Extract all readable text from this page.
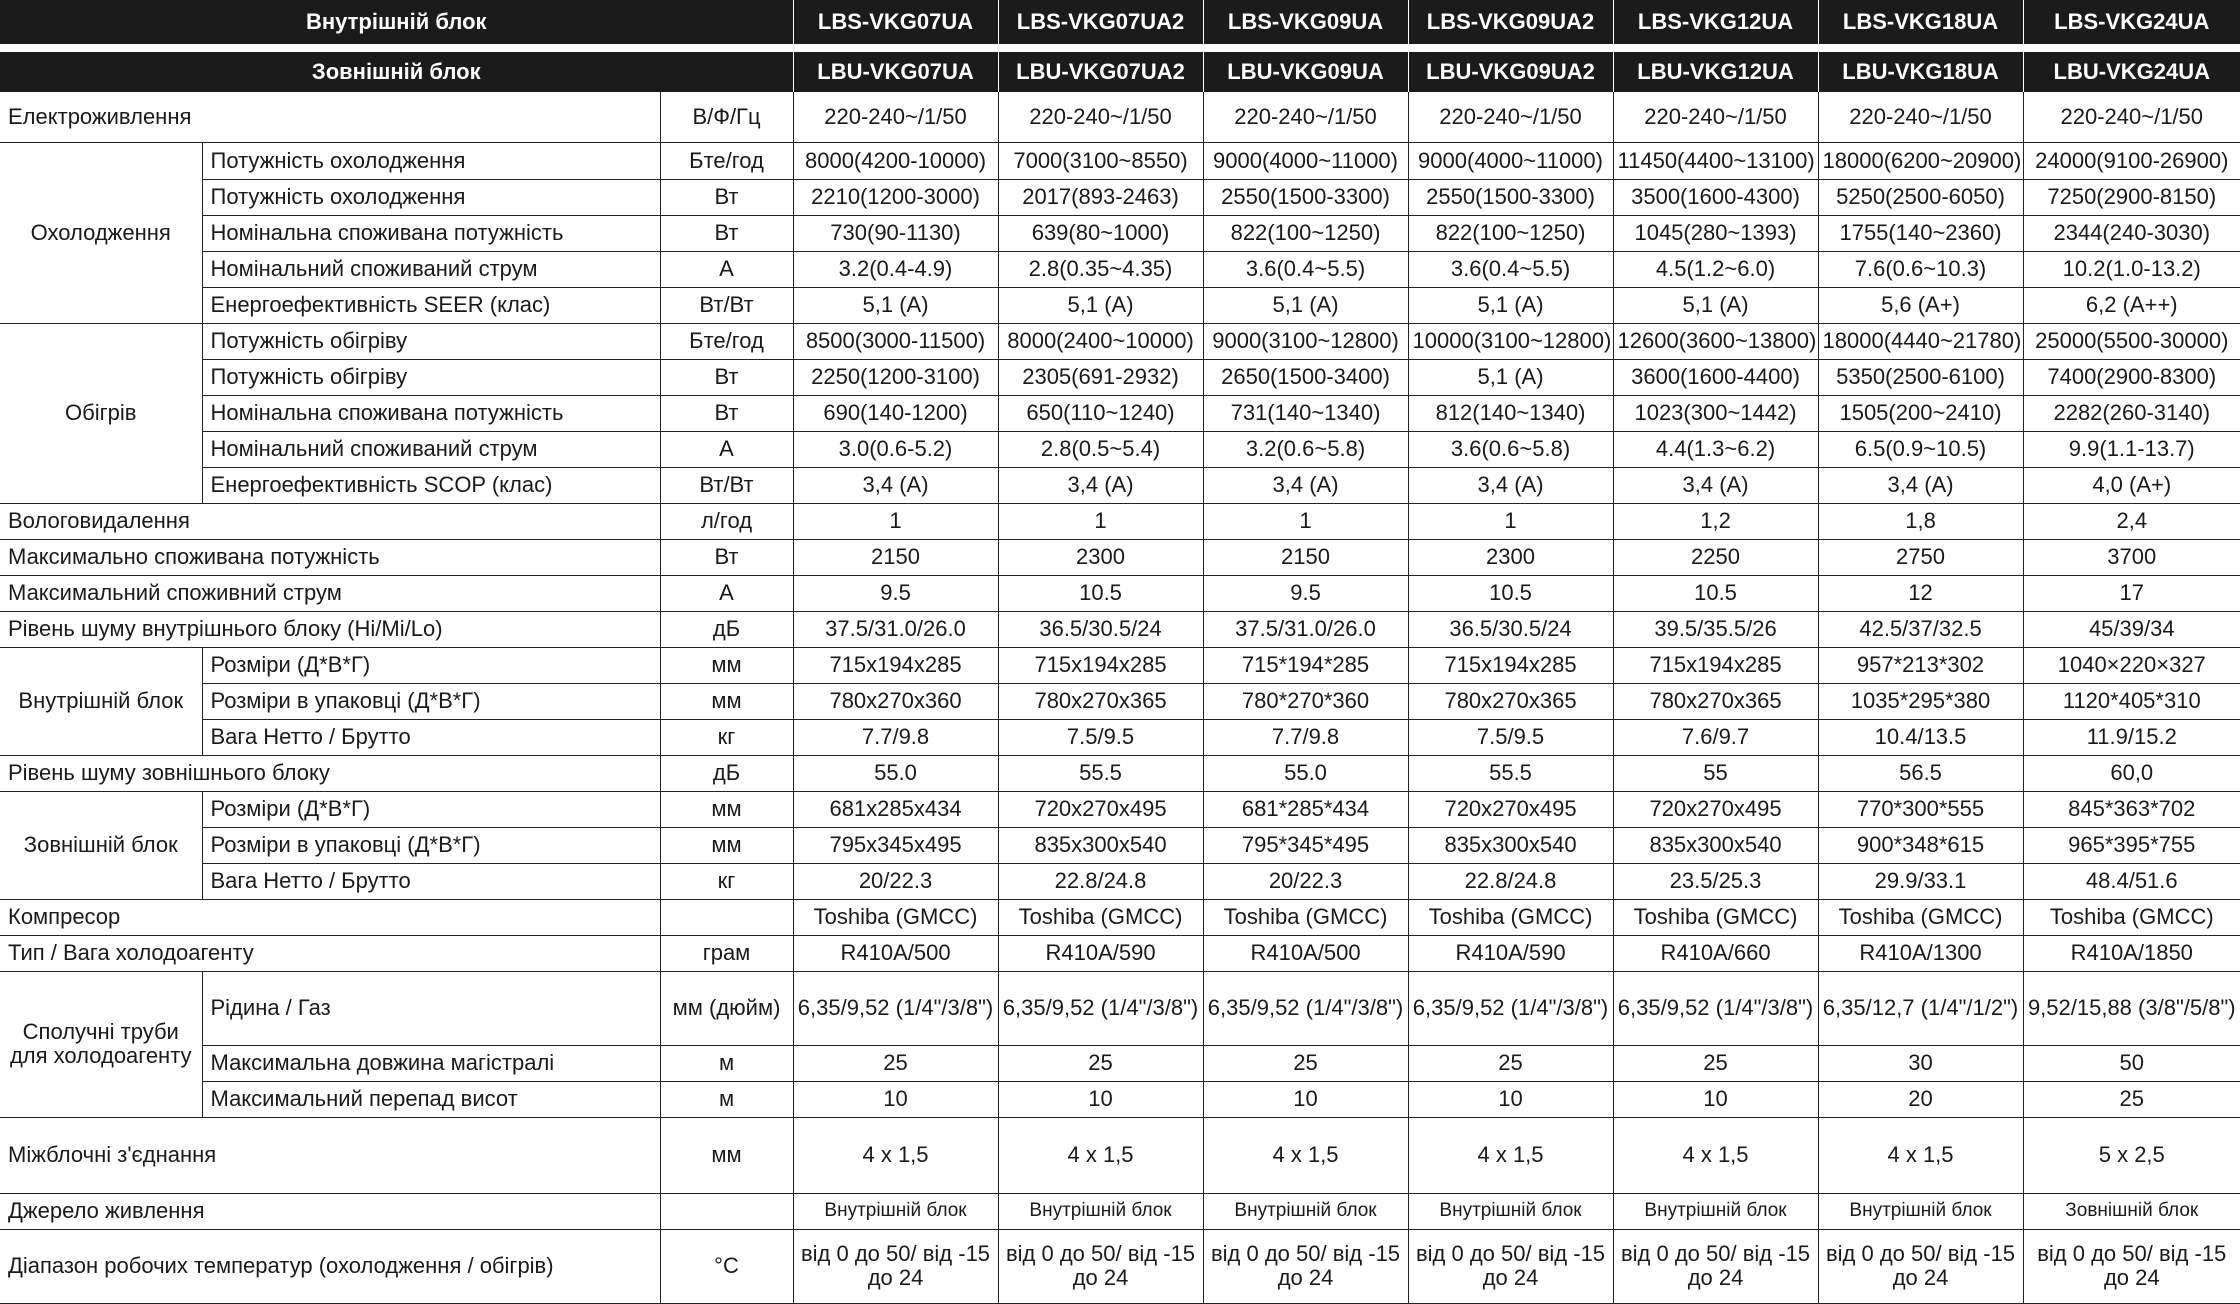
Внутрішній блок			LBS-VKG07UA	LBS-VKG07UA2	LBS-VKG09UA	LBS-VKG09UA2	LBS-VKG12UA	LBS-VKG18UA	LBS-VKG24UA

Зовнішній блок			LBU-VKG07UA	LBU-VKG07UA2	LBU-VKG09UA	LBU-VKG09UA2	LBU-VKG12UA	LBU-VKG18UA	LBU-VKG24UA
Електроживлення		В/Ф/Гц	220-240~/1/50	220-240~/1/50	220-240~/1/50	220-240~/1/50	220-240~/1/50	220-240~/1/50	220-240~/1/50
Охолодження	Потужність охолодження	Бте/год	8000(4200-10000)	7000(3100~8550)	9000(4000~11000)	9000(4000~11000)	11450(4400~13100)	18000(6200~20900)	24000(9100-26900)
	Потужність охолодження	Вт	2210(1200-3000)	2017(893-2463)	2550(1500-3300)	2550(1500-3300)	3500(1600-4300)	5250(2500-6050)	7250(2900-8150)
	Номінальна споживана потужність	Вт	730(90-1130)	639(80~1000)	822(100~1250)	822(100~1250)	1045(280~1393)	1755(140~2360)	2344(240-3030)
	Номінальний споживаний струм	А	3.2(0.4-4.9)	2.8(0.35~4.35)	3.6(0.4~5.5)	3.6(0.4~5.5)	4.5(1.2~6.0)	7.6(0.6~10.3)	10.2(1.0-13.2)
	Енергоефективність SEER (клас)	Вт/Вт	5,1 (A)	5,1 (A)	5,1 (A)	5,1 (A)	5,1 (A)	5,6 (A+)	6,2 (A++)
Обігрів	Потужність обігріву	Бте/год	8500(3000-11500)	8000(2400~10000)	9000(3100~12800)	10000(3100~12800)	12600(3600~13800)	18000(4440~21780)	25000(5500-30000)
	Потужність обігріву	Вт	2250(1200-3100)	2305(691-2932)	2650(1500-3400)	5,1 (A)	3600(1600-4400)	5350(2500-6100)	7400(2900-8300)
	Номінальна споживана потужність	Вт	690(140-1200)	650(110~1240)	731(140~1340)	812(140~1340)	1023(300~1442)	1505(200~2410)	2282(260-3140)
	Номінальний споживаний струм	А	3.0(0.6-5.2)	2.8(0.5~5.4)	3.2(0.6~5.8)	3.6(0.6~5.8)	4.4(1.3~6.2)	6.5(0.9~10.5)	9.9(1.1-13.7)
	Енергоефективність SCOP (клас)	Вт/Вт	3,4 (A)	3,4 (A)	3,4 (A)	3,4 (A)	3,4 (A)	3,4 (A)	4,0 (A+)
Вологовидалення		л/год	1	1	1	1	1,2	1,8	2,4
Максимально споживана потужність		Вт	2150	2300	2150	2300	2250	2750	3700
Максимальний споживний струм		А	9.5	10.5	9.5	10.5	10.5	12	17
Рівень шуму внутрішнього блоку (Hi/Mi/Lo)		дБ	37.5/31.0/26.0	36.5/30.5/24	37.5/31.0/26.0	36.5/30.5/24	39.5/35.5/26	42.5/37/32.5	45/39/34
Внутрішній блок	Розміри (Д*В*Г)	мм	715x194x285	715x194x285	715*194*285	715x194x285	715x194x285	957*213*302	1040×220×327
	Розміри в упаковці (Д*В*Г)	мм	780x270x360	780x270x365	780*270*360	780x270x365	780x270x365	1035*295*380	1120*405*310
	Вага Нетто / Брутто	кг	7.7/9.8	7.5/9.5	7.7/9.8	7.5/9.5	7.6/9.7	10.4/13.5	11.9/15.2
Рівень шуму зовнішнього блоку		дБ	55.0	55.5	55.0	55.5	55	56.5	60,0
Зовнішній блок	Розміри (Д*В*Г)	мм	681x285x434	720x270x495	681*285*434	720x270x495	720x270x495	770*300*555	845*363*702
	Розміри в упаковці (Д*В*Г)	мм	795x345x495	835x300x540	795*345*495	835x300x540	835x300x540	900*348*615	965*395*755
	Вага Нетто / Брутто	кг	20/22.3	22.8/24.8	20/22.3	22.8/24.8	23.5/25.3	29.9/33.1	48.4/51.6
Компресор			Toshiba (GMCC)	Toshiba (GMCC)	Toshiba (GMCC)	Toshiba (GMCC)	Toshiba (GMCC)	Toshiba (GMCC)	Toshiba (GMCC)
Тип / Вага холодоагенту		грам	R410A/500	R410A/590	R410A/500	R410A/590	R410A/660	R410A/1300	R410A/1850
Сполучні труби для холодоагенту	Рідина / Газ	мм (дюйм)	6,35/9,52 (1/4"/3/8")	6,35/9,52 (1/4"/3/8")	6,35/9,52 (1/4"/3/8")	6,35/9,52 (1/4"/3/8")	6,35/9,52 (1/4"/3/8")	6,35/12,7 (1/4"/1/2")	9,52/15,88 (3/8"/5/8")
	Максимальна довжина магістралі	м	25	25	25	25	25	30	50
	Максимальний перепад висот	м	10	10	10	10	10	20	25
Міжблочні з'єднання		мм	4 x 1,5	4 x 1,5	4 x 1,5	4 x 1,5	4 x 1,5	4 x 1,5	5 x 2,5
Джерело живлення			Внутрішній блок	Внутрішній блок	Внутрішній блок	Внутрішній блок	Внутрішній блок	Внутрішній блок	Зовнішній блок
Діапазон робочих температур (охолодження / обігрів)		°C	від 0 до 50/ від -15 до 24	від 0 до 50/ від -15 до 24	від 0 до 50/ від -15 до 24	від 0 до 50/ від -15 до 24	від 0 до 50/ від -15 до 24	від 0 до 50/ від -15 до 24	від 0 до 50/ від -15 до 24
